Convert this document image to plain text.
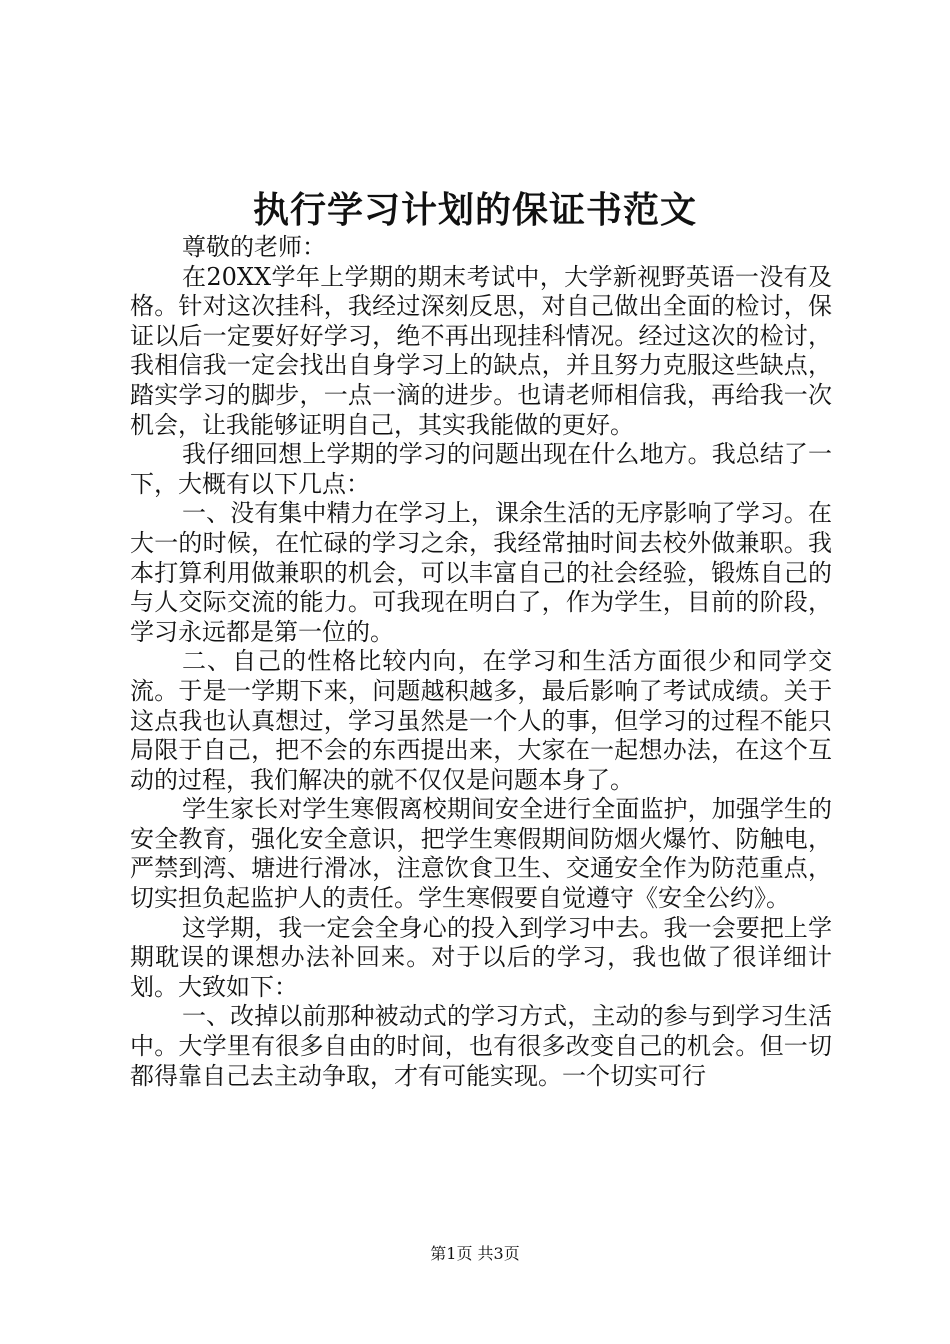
执行学习计划的保证书范文

尊敬的老师：

在20XX学年上学期的期末考试中，大学新视野英语一没有及格。针对这次挂科，我经过深刻反思，对自己做出全面的检讨，保证以后一定要好好学习，绝不再出现挂科情况。经过这次的检讨，我相信我一定会找出自身学习上的缺点，并且努力克服这些缺点，踏实学习的脚步，一点一滴的进步。也请老师相信我，再给我一次机会，让我能够证明自己，其实我能做的更好。

我仔细回想上学期的学习的问题出现在什么地方。我总结了一下，大概有以下几点：

一、没有集中精力在学习上，课余生活的无序影响了学习。在大一的时候，在忙碌的学习之余，我经常抽时间去校外做兼职。我本打算利用做兼职的机会，可以丰富自己的社会经验，锻炼自己的与人交际交流的能力。可我现在明白了，作为学生，目前的阶段，学习永远都是第一位的。

二、自己的性格比较内向，在学习和生活方面很少和同学交流。于是一学期下来，问题越积越多，最后影响了考试成绩。关于这点我也认真想过，学习虽然是一个人的事，但学习的过程不能只局限于自己，把不会的东西提出来，大家在一起想办法，在这个互动的过程，我们解决的就不仅仅是问题本身了。

学生家长对学生寒假离校期间安全进行全面监护，加强学生的安全教育，强化安全意识，把学生寒假期间防烟火爆竹、防触电，严禁到湾、塘进行滑冰，注意饮食卫生、交通安全作为防范重点，切实担负起监护人的责任。学生寒假要自觉遵守《安全公约》。

这学期，我一定会全身心的投入到学习中去。我一会要把上学期耽误的课想办法补回来。对于以后的学习，我也做了很详细计划。大致如下：

一、改掉以前那种被动式的学习方式，主动的参与到学习生活中。大学里有很多自由的时间，也有很多改变自己的机会。但一切都得靠自己去主动争取，才有可能实现。一个切实可行

第1页 共3页
